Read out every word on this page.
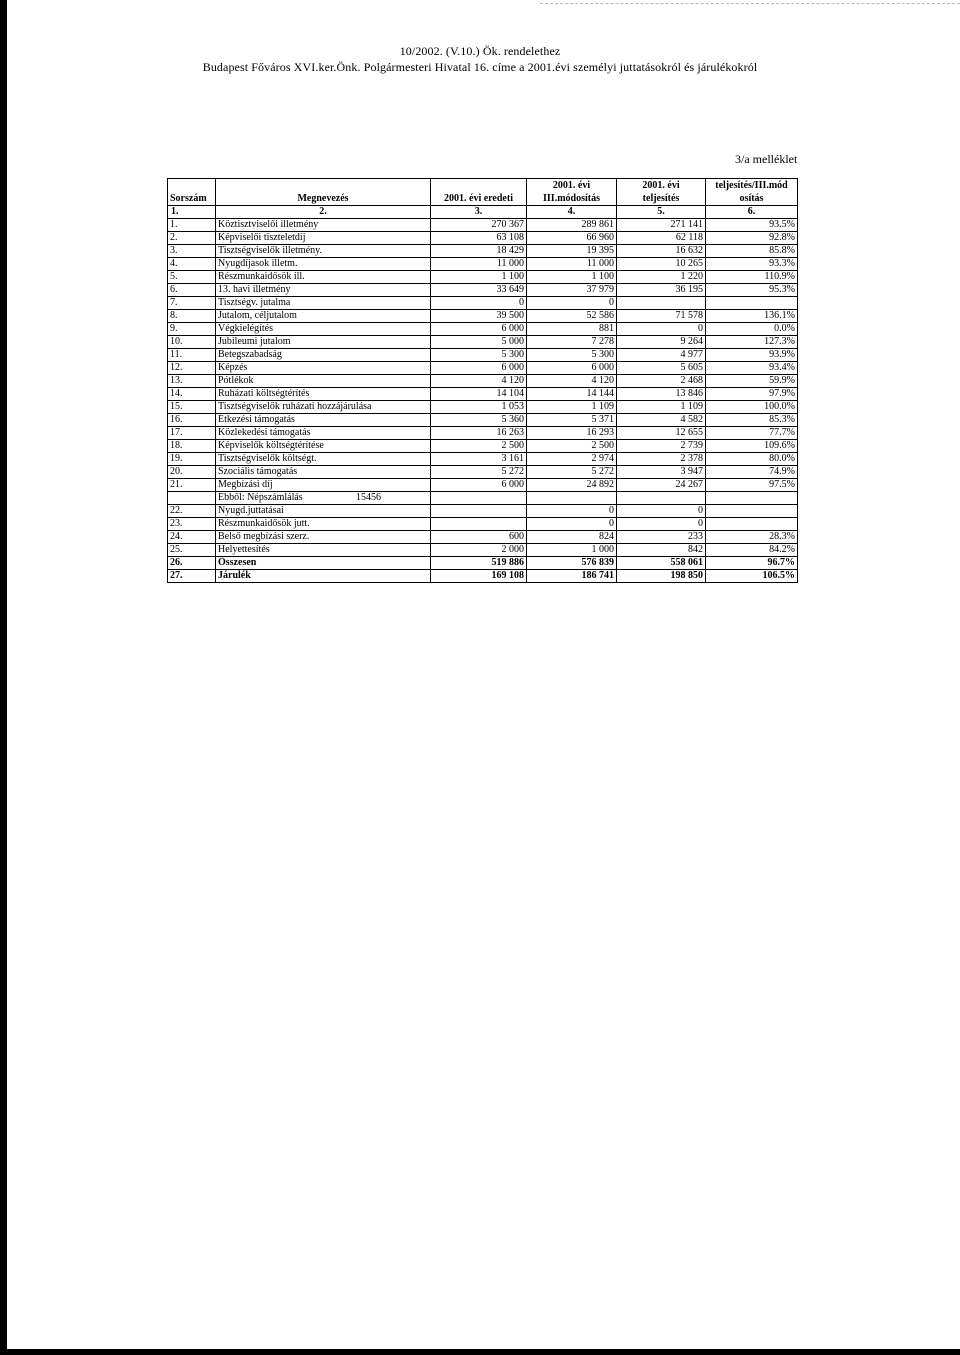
10/2002. (V.10.) Ök. rendelethez
Budapest Főváros XVI.ker.Önk. Polgármesteri Hivatal 16. címe a 2001.évi személyi juttatásokról és járulékokról
3/a melléklet
			2001. évi	2001. évi	teljesítés/III.mód
Sorszám	Megnevezés	2001. évi eredeti	III.módosítás	teljesítés	osítás
1.	2.	3.	4.	5.	6.
1.	Köztisztviselői illetmény	270 367	289 861	271 141	93.5%
2.	Képviselői tiszteletdíj	63 108	66 960	62 118	92.8%
3.	Tisztségviselők illetmény.	18 429	19 395	16 632	85.8%
4.	Nyugdíjasok illetm.	11 000	11 000	10 265	93.3%
5.	Részmunkaidősök ill.	1 100	1 100	1 220	110.9%
6.	13. havi illetmény	33 649	37 979	36 195	95.3%
7.	Tisztségv. jutalma	0	0		
8.	Jutalom, céljutalom	39 500	52 586	71 578	136.1%
9.	Végkielégítés	6 000	881	0	0.0%
10.	Jubileumi jutalom	5 000	7 278	9 264	127.3%
11.	Betegszabadság	5 300	5 300	4 977	93.9%
12.	Képzés	6 000	6 000	5 605	93.4%
13.	Pótlékok	4 120	4 120	2 468	59.9%
14.	Ruházati költségtérítés	14 104	14 144	13 846	97.9%
15.	Tisztségviselők ruházati hozzájárulása	1 053	1 109	1 109	100.0%
16.	Étkezési támogatás	5 360	5 371	4 582	85.3%
17.	Közlekedési támogatás	16 263	16 293	12 655	77.7%
18.	Képviselők költségtérítése	2 500	2 500	2 739	109.6%
19.	Tisztségviselők költségt.	3 161	2 974	2 378	80.0%
20.	Szociális támogatás	5 272	5 272	3 947	74.9%
21.	Megbízási díj	6 000	24 892	24 267	97.5%
	Ebből: Népszámlálás 15456				
22.	Nyugd.juttatásai		0	0	
23.	Részmunkaidősök jutt.		0	0	
24.	Belső megbízási szerz.	600	824	233	28.3%
25.	Helyettesítés	2 000	1 000	842	84.2%
26.	Összesen	519 886	576 839	558 061	96.7%
27.	Járulék	169 108	186 741	198 850	106.5%
